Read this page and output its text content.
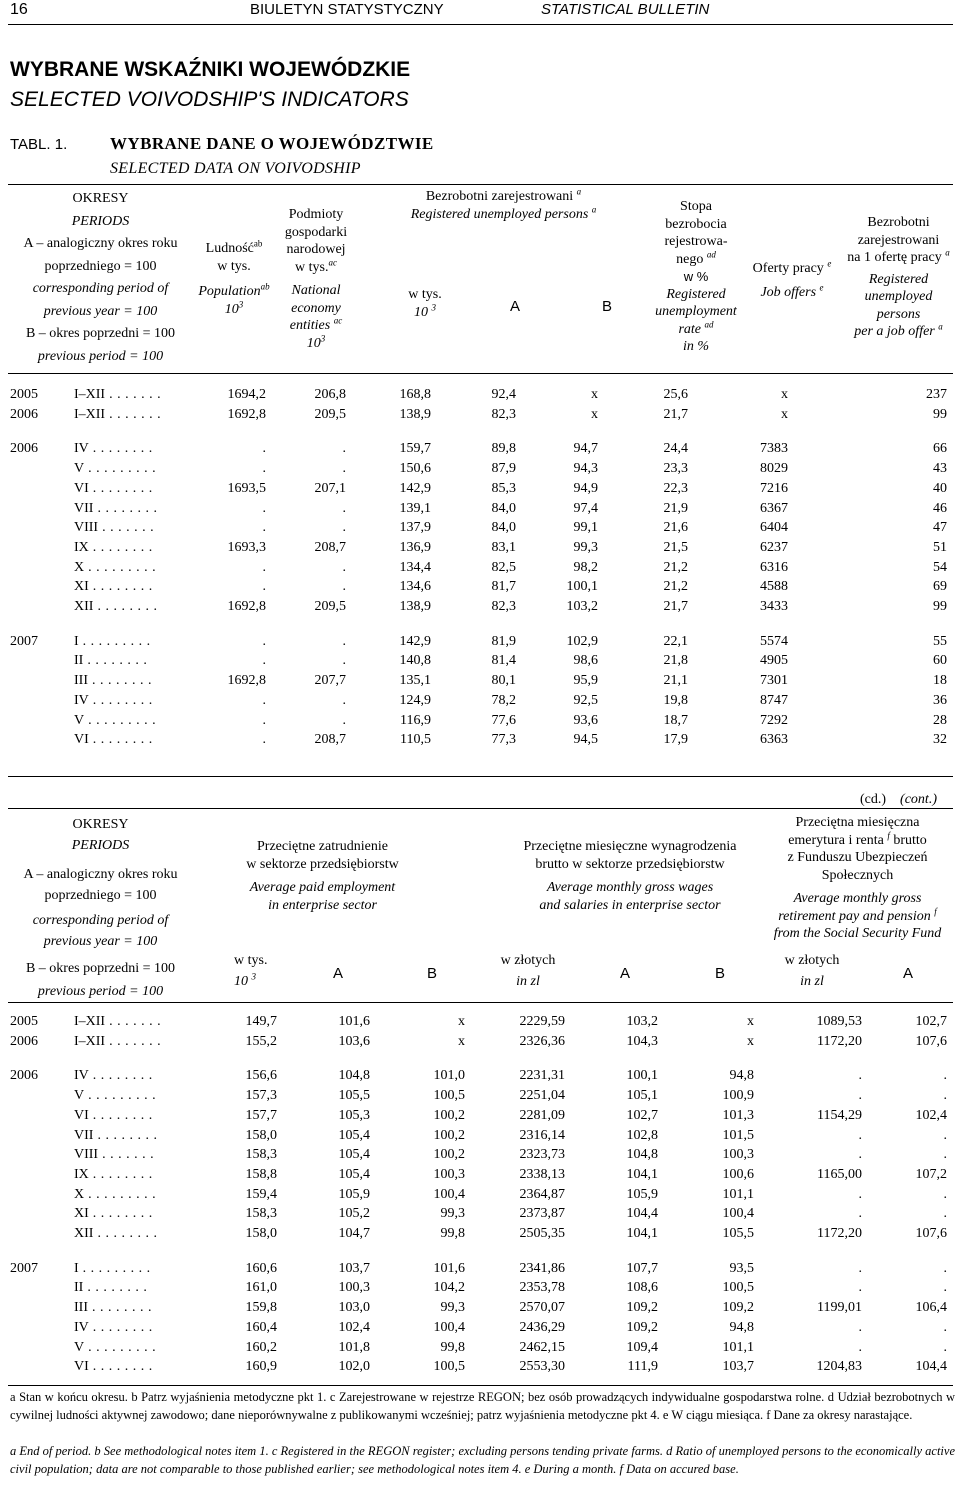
16	BIULETYN STATYSTYCZNY	STATISTICAL BULLETIN
WYBRANE WSKAŹNIKI WOJEWÓDZKIE
SELECTED VOIVODSHIP'S INDICATORS
TABL. 1.	WYBRANE DANE O WOJEWÓDZTWIE
SELECTED DATA ON VOIVODSHIP
OKRESY
PERIODS
A – analogiczny okres roku
poprzedniego = 100
corresponding period of
previous year = 100
B – okres poprzedni = 100
previous period = 100
Ludność$^{ab}$
w tys.
Population$^{ab}$
$10^3$
Podmioty
gospodarki
narodowej
w tys.$^{ac}$
National
economy
entities $^{ac}$
$10^3$
Bezrobotni zarejestrowani $^a$
Registered unemployed persons $^a$
w tys.
10 $^3$	A	B
Stopa
bezrobocia
rejestrowa-
nego $^{ad}$
w %
Registered
unemployment
rate $^{ad}$
in %
Oferty pracy $^e$
Job offers $^e$
Bezrobotni
zarejestrowani
na 1 ofertę pracy $^a$
Registered
unemployed
persons
per a job offer $^a$
2005	I–XII . . . . . . .	1694,2	206,8	168,8	92,4	x	25,6	x	237
2006	I–XII . . . . . . .	1692,8	209,5	138,9	82,3	x	21,7	x	99

2006	IV . . . . . . . .	.	.	159,7	89,8	94,7	24,4	7383	66
	V . . . . . . . . .	.	.	150,6	87,9	94,3	23,3	8029	43
	VI . . . . . . . .	1693,5	207,1	142,9	85,3	94,9	22,3	7216	40
	VII . . . . . . . .	.	.	139,1	84,0	97,4	21,9	6367	46
	VIII . . . . . . .	.	.	137,9	84,0	99,1	21,6	6404	47
	IX . . . . . . . .	1693,3	208,7	136,9	83,1	99,3	21,5	6237	51
	X . . . . . . . . .	.	.	134,4	82,5	98,2	21,2	6316	54
	XI . . . . . . . .	.	.	134,6	81,7	100,1	21,2	4588	69
	XII . . . . . . . .	1692,8	209,5	138,9	82,3	103,2	21,7	3433	99

2007	I . . . . . . . . .	.	.	142,9	81,9	102,9	22,1	5574	55
	II . . . . . . . .	.	.	140,8	81,4	98,6	21,8	4905	60
	III . . . . . . . .	1692,8	207,7	135,1	80,1	95,9	21,1	7301	18
	IV . . . . . . . .	.	.	124,9	78,2	92,5	19,8	8747	36
	V . . . . . . . . .	.	.	116,9	77,6	93,6	18,7	7292	28
	VI . . . . . . . .	.	208,7	110,5	77,3	94,5	17,9	6363	32
(cd.) (cont.)
OKRESY
PERIODS
A – analogiczny okres roku
poprzedniego = 100
corresponding period of
previous year = 100
B – okres poprzedni = 100
previous period = 100
Przeciętne zatrudnienie
w sektorze przedsiębiorstw
Average paid employment
in enterprise sector
w tys.
10 $^3$	A	B
Przeciętne miesięczne wynagrodzenia
brutto w sektorze przedsiębiorstw
Average monthly gross wages
and salaries in enterprise sector
w złotych
in zl	A	B
Przeciętna miesięczna
emerytura i renta $^f$ brutto
z Funduszu Ubezpieczeń
Społecznych
Average monthly gross
retirement pay and pension $^f$
from the Social Security Fund
w złotych
in zl	A
2005	I–XII . . . . . . .	149,7	101,6	x	2229,59	103,2	x	1089,53	102,7
2006	I–XII . . . . . . .	155,2	103,6	x	2326,36	104,3	x	1172,20	107,6

2006	IV . . . . . . . .	156,6	104,8	101,0	2231,31	100,1	94,8	.	.
	V . . . . . . . . .	157,3	105,5	100,5	2251,04	105,1	100,9	.	.
	VI . . . . . . . .	157,7	105,3	100,2	2281,09	102,7	101,3	1154,29	102,4
	VII . . . . . . . .	158,0	105,4	100,2	2316,14	102,8	101,5	.	.
	VIII . . . . . . .	158,3	105,4	100,2	2323,73	104,8	100,3	.	.
	IX . . . . . . . .	158,8	105,4	100,3	2338,13	104,1	100,6	1165,00	107,2
	X . . . . . . . . .	159,4	105,9	100,4	2364,87	105,9	101,1	.	.
	XI . . . . . . . .	158,3	105,2	99,3	2373,87	104,4	100,4	.	.
	XII . . . . . . . .	158,0	104,7	99,8	2505,35	104,1	105,5	1172,20	107,6

2007	I . . . . . . . . .	160,6	103,7	101,6	2341,86	107,7	93,5	.	.
	II . . . . . . . .	161,0	100,3	104,2	2353,78	108,6	100,5	.	.
	III . . . . . . . .	159,8	103,0	99,3	2570,07	109,2	109,2	1199,01	106,4
	IV . . . . . . . .	160,4	102,4	100,4	2436,29	109,2	94,8	.	.
	V . . . . . . . . .	160,2	101,8	99,8	2462,15	109,4	101,1	.	.
	VI . . . . . . . .	160,9	102,0	100,5	2553,30	111,9	103,7	1204,83	104,4
a Stan w końcu okresu. b Patrz wyjaśnienia metodyczne pkt 1. c Zarejestrowane w rejestrze REGON; bez osób prowadzących indywidualne gospodarstwa rolne. d Udział bezrobotnych w cywilnej ludności aktywnej zawodowo; dane nieporównywalne z publikowanymi wcześniej; patrz wyjaśnienia metodyczne pkt 4. e W ciągu miesiąca. f Dane za okresy narastające.
a End of period. b See methodological notes item 1. c Registered in the REGON register; excluding persons tending private farms. d Ratio of unemployed persons to the economically active civil population; data are not comparable to those published earlier; see methodological notes item 4. e During a month. f Data on accured base.
